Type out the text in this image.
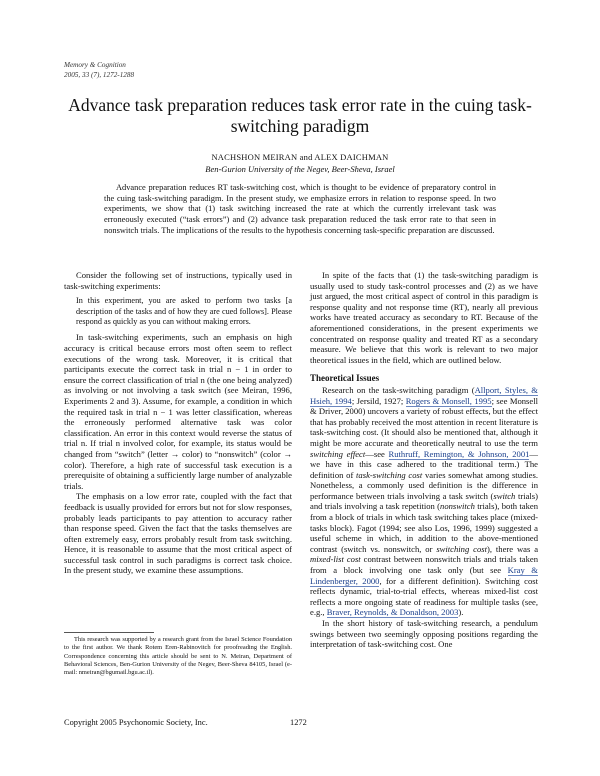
Memory & Cognition
2005, 33 (7), 1272-1288
Advance task preparation reduces task error rate in the cuing task-switching paradigm
NACHSHON MEIRAN and ALEX DAICHMAN
Ben-Gurion University of the Negev, Beer-Sheva, Israel

Advance preparation reduces RT task-switching cost, which is thought to be evidence of preparatory control in the cuing task-switching paradigm. In the present study, we emphasize errors in relation to response speed. In two experiments, we show that (1) task switching increased the rate at which the currently irrelevant task was erroneously executed (“task errors”) and (2) advance task preparation reduced the task error rate to that seen in nonswitch trials. The implications of the results to the hypothesis concerning task-specific preparation are discussed.

Consider the following set of instructions, typically used in task-switching experiments:

In this experiment, you are asked to perform two tasks [a description of the tasks and of how they are cued follows]. Please respond as quickly as you can without making errors.

In task-switching experiments, such an emphasis on high accuracy is critical because errors most often seem to reflect executions of the wrong task. Moreover, it is critical that participants execute the correct task in trial n − 1 in order to ensure the correct classification of trial n (the one being analyzed) as involving or not involving a task switch (see Meiran, 1996, Experiments 2 and 3). Assume, for example, a condition in which the required task in trial n − 1 was letter classification, whereas the erroneously performed alternative task was color classification. An error in this context would reverse the status of trial n. If trial n involved color, for example, its status would be changed from “switch” (letter → color) to “nonswitch” (color → color). Therefore, a high rate of successful task execution is a prerequisite of obtaining a sufficiently large number of analyzable trials.

The emphasis on a low error rate, coupled with the fact that feedback is usually provided for errors but not for slow responses, probably leads participants to pay attention to accuracy rather than response speed. Given the fact that the tasks themselves are often extremely easy, errors probably result from task switching. Hence, it is reasonable to assume that the most critical aspect of successful task control in such paradigms is correct task choice. In the present study, we examine these assumptions.

This research was supported by a research grant from the Israel Science Foundation to the first author. We thank Rotem Eren-Rabinovitch for proofreading the English. Correspondence concerning this article should be sent to N. Meiran, Department of Behavioral Sciences, Ben-Gurion University of the Negev, Beer-Sheva 84105, Israel (e-mail: nmeiran@bgumail.bgu.ac.il).

In spite of the facts that (1) the task-switching paradigm is usually used to study task-control processes and (2) as we have just argued, the most critical aspect of control in this paradigm is response quality and not response time (RT), nearly all previous works have treated accuracy as secondary to RT. Because of the aforementioned considerations, in the present experiments we concentrated on response quality and treated RT as a secondary measure. We believe that this work is relevant to two major theoretical issues in the field, which are outlined below.

Theoretical Issues

Research on the task-switching paradigm (Allport, Styles, & Hsieh, 1994; Jersild, 1927; Rogers & Monsell, 1995; see Monsell & Driver, 2000) uncovers a variety of robust effects, but the effect that has probably received the most attention in recent literature is task-switching cost. (It should also be mentioned that, although it might be more accurate and theoretically neutral to use the term switching effect—see Ruthruff, Remington, & Johnson, 2001—we have in this case adhered to the traditional term.) The definition of task-switching cost varies somewhat among studies. Nonetheless, a commonly used definition is the difference in performance between trials involving a task switch (switch trials) and trials involving a task repetition (nonswitch trials), both taken from a block of trials in which task switching takes place (mixed-tasks block). Fagot (1994; see also Los, 1996, 1999) suggested a useful scheme in which, in addition to the above-mentioned contrast (switch vs. nonswitch, or switching cost), there was a mixed-list cost contrast between nonswitch trials and trials taken from a block involving one task only (but see Kray & Lindenberger, 2000, for a different definition). Switching cost reflects dynamic, trial-to-trial effects, whereas mixed-list cost reflects a more ongoing state of readiness for multiple tasks (see, e.g., Braver, Reynolds, & Donaldson, 2003).

In the short history of task-switching research, a pendulum swings between two seemingly opposing positions regarding the interpretation of task-switching cost. One

Copyright 2005 Psychonomic Society, Inc.	1272
